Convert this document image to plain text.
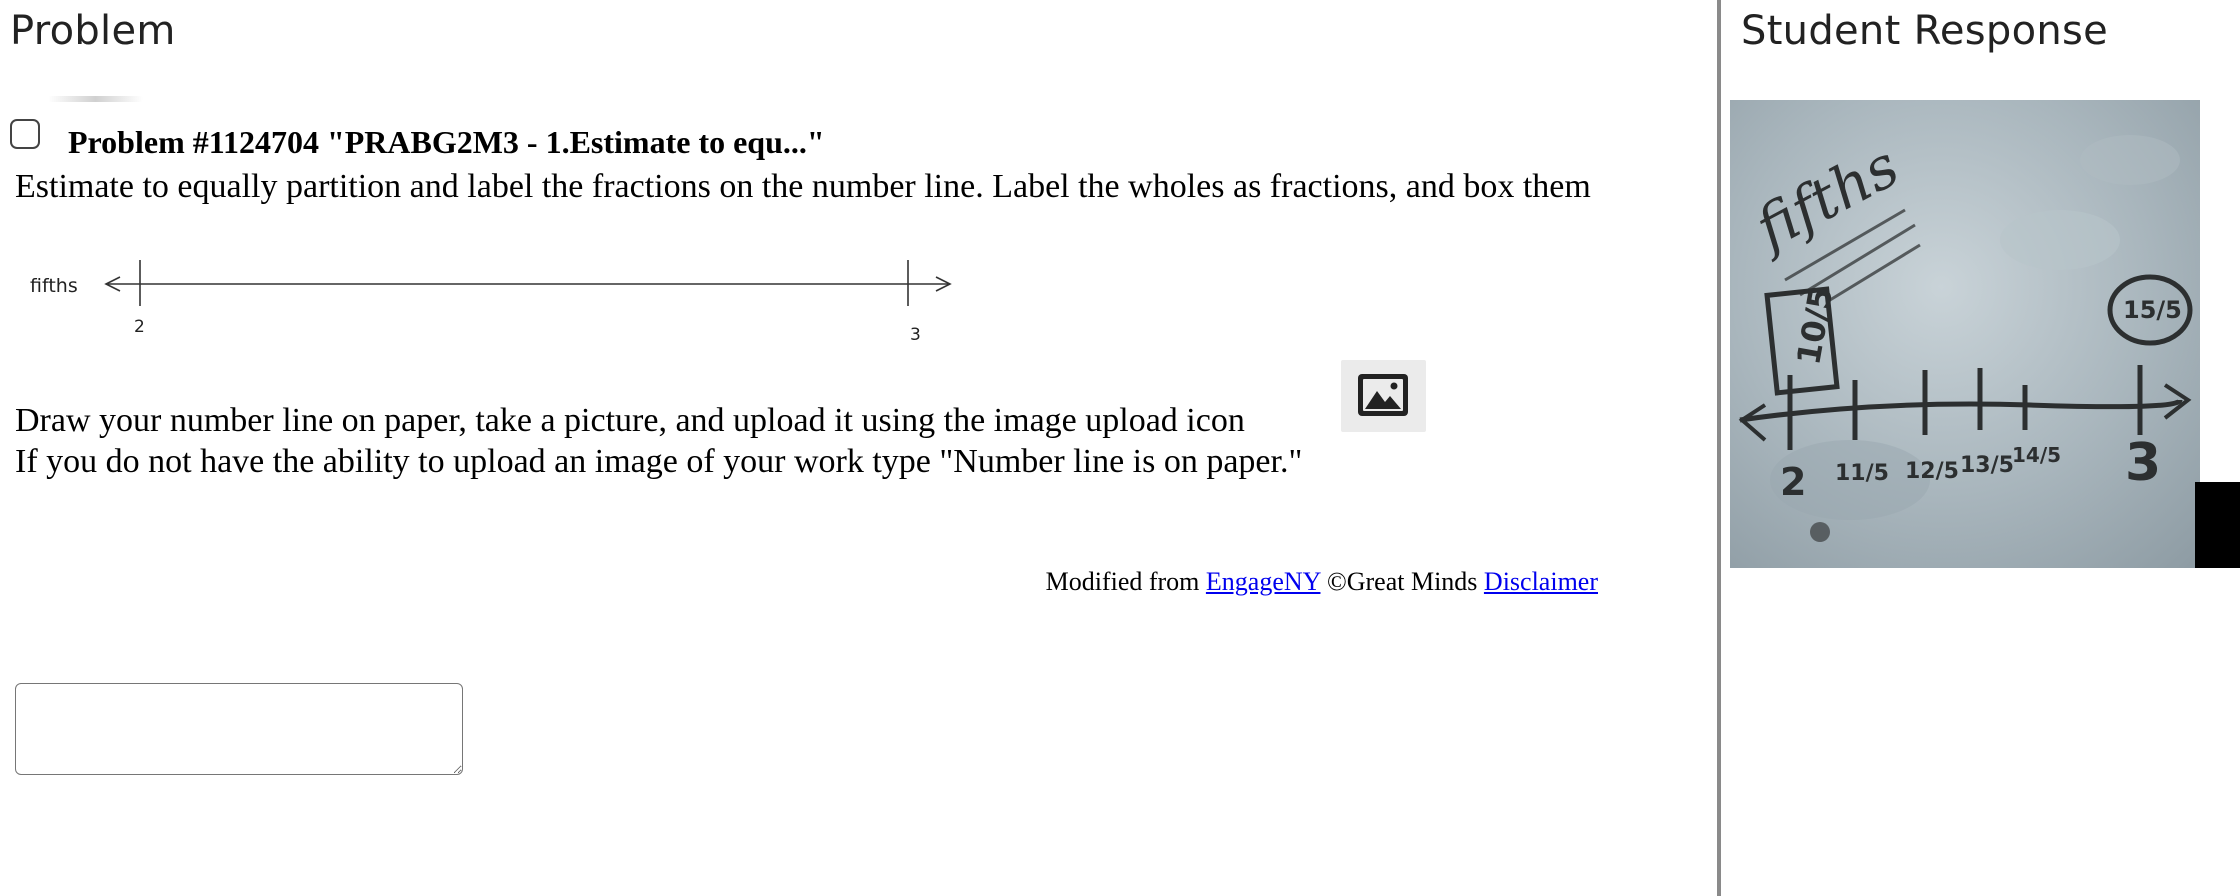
Problem
Problem #1124704 "PRABG2M3 - 1.Estimate to equ..."
Estimate to equally partition and label the fractions on the number line. Label the wholes as fractions, and box them
fifths
2	3
Draw your number line on paper, take a picture, and upload it using the image upload icon
If you do not have the ability to upload an image of your work type "Number line is on paper."
Modified from EngageNY ©Great Minds Disclaimer
Student Response
fifths
10/5
2 11/5 12/5 13/5
14/5 3
15/5
